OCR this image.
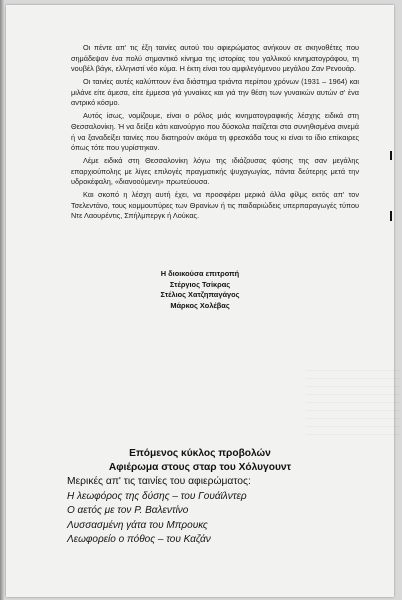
Οι πέντε απ' τις έξη ταινίες αυτού του αφιερώματος ανήκουν σε σκηνοθέτες που σημάδεψαν ένα πολύ σημαντικό κίνημα της ιστορίας του γαλλικού κινηματογράφου, τη νουβέλ βάγκ, ελληνιστί νέο κύμα. Η έκτη είναι του αμφιλεγόμενου μεγάλου Ζαν Ρενουάρ.

Οι ταινίες αυτές καλύπτουν ένα διάστημα τριάντα περίπου χρόνων (1931 – 1964) και μιλάνε είτε άμεσα, είτε έμμεσα γιά γυναίκες και γιά την θέση των γυναικών αυτών σ' ένα αντρικό κόσμο.

Αυτός ίσως, νομίζουμε, είναι ο ρόλος μιάς κινηματογραφικής λέσχης ειδικά στη Θεσσαλονίκη. Ή να δείξει κάτι καινούργιο που δύσκολα παίζεται στα συνηθισμένα σινεμά ή να ξαναδείξει ταινίες που διατηρούν ακόμα τη φρεσκάδα τους κι είναι το ίδιο επίκαιρες όπως τότε που γυρίστηκαν.

Λέμε ειδικά στη Θεσσαλονίκη λόγω της ιδιάζουσας φύσης της σαν μεγάλης επαρχιούπολης με λίγες επιλογές πραγματικής ψυχαγωγίας, πάντα δεύτερης μετά την υδροκέφαλη, «διανοούμενη» πρωτεύουσα.

Και σκοπό η λέσχη αυτή έχει, να προσφέρει μερικά άλλα φίλμς εκτός απ' τον Τσελεντάνο, τους κομμουπύρες των Θρανίων ή τις παιδαριώδεις υπερπαραγωγές τύπου Ντε Λαουρέντις, Σπήλμπεργκ ή Λούκας.

Η διοικούσα επιτροπή
Στέργιος Τσίκρας
Στέλιος Χατζηπαγάγος
Μάρκος Χολέβας
Επόμενος κύκλος προβολών
Αφιέρωμα στους σταρ του Χόλυγουντ
Μερικές απ' τις ταινίες του αφιερώματος:
Η λεωφόρος της δύσης – του Γουάϊλντερ
Ο αετός με τον Ρ. Βαλεντίνο
Λυσσασμένη γάτα του Μπρουκς
Λεωφορείο ο πόθος – του Καζάν
